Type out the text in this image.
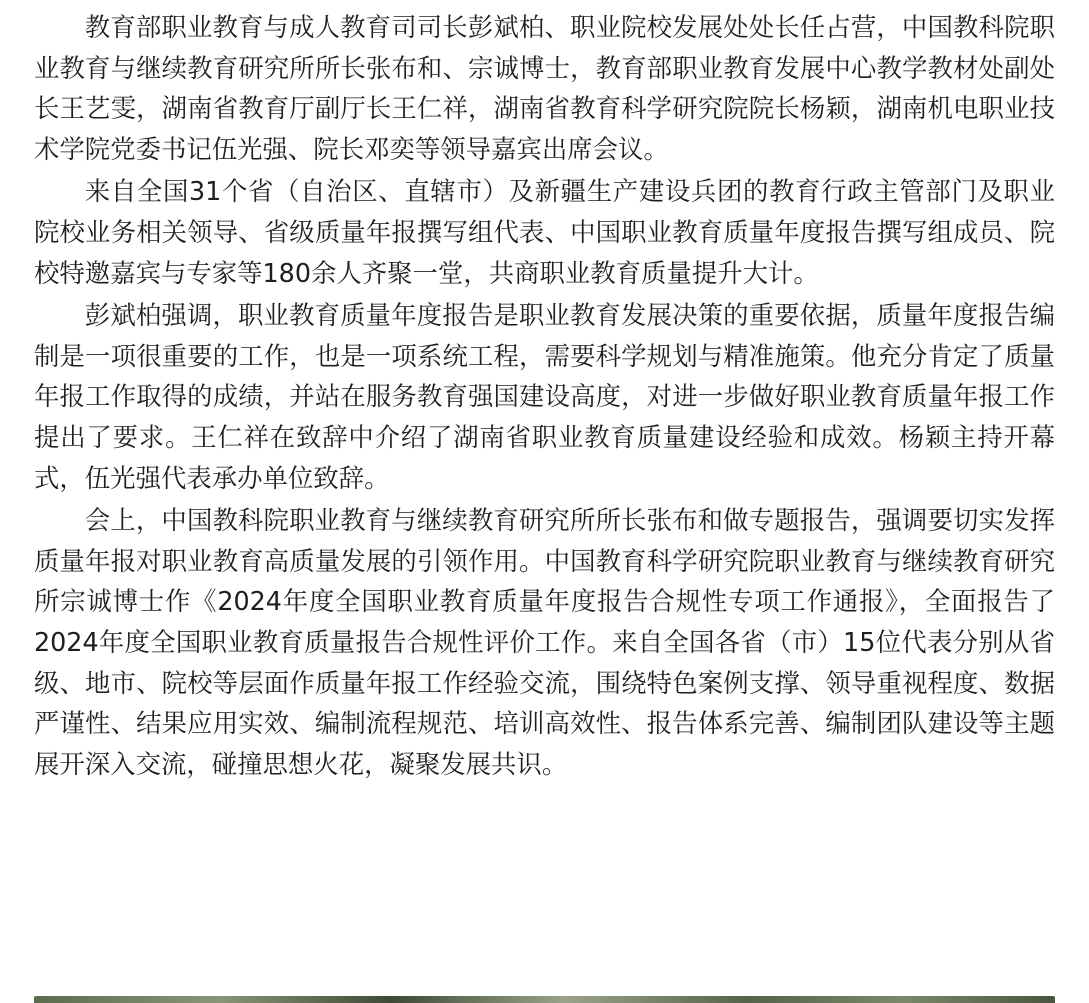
教育部职业教育与成人教育司司长彭斌柏、职业院校发展处处长任占营，中国教科院职业教育与继续教育研究所所长张布和、宗诚博士，教育部职业教育发展中心教学教材处副处长王艺雯，湖南省教育厅副厅长王仁祥，湖南省教育科学研究院院长杨颖，湖南机电职业技术学院党委书记伍光强、院长邓奕等领导嘉宾出席会议。

来自全国31个省（自治区、直辖市）及新疆生产建设兵团的教育行政主管部门及职业院校业务相关领导、省级质量年报撰写组代表、中国职业教育质量年度报告撰写组成员、院校特邀嘉宾与专家等180余人齐聚一堂，共商职业教育质量提升大计。

彭斌柏强调，职业教育质量年度报告是职业教育发展决策的重要依据，质量年度报告编制是一项很重要的工作，也是一项系统工程，需要科学规划与精准施策。他充分肯定了质量年报工作取得的成绩，并站在服务教育强国建设高度，对进一步做好职业教育质量年报工作提出了要求。王仁祥在致辞中介绍了湖南省职业教育质量建设经验和成效。杨颖主持开幕式，伍光强代表承办单位致辞。

会上，中国教科院职业教育与继续教育研究所所长张布和做专题报告，强调要切实发挥质量年报对职业教育高质量发展的引领作用。中国教育科学研究院职业教育与继续教育研究所宗诚博士作《2024年度全国职业教育质量年度报告合规性专项工作通报》，全面报告了2024年度全国职业教育质量报告合规性评价工作。来自全国各省（市）15位代表分别从省级、地市、院校等层面作质量年报工作经验交流，围绕特色案例支撑、领导重视程度、数据严谨性、结果应用实效、编制流程规范、培训高效性、报告体系完善、编制团队建设等主题展开深入交流，碰撞思想火花，凝聚发展共识。
